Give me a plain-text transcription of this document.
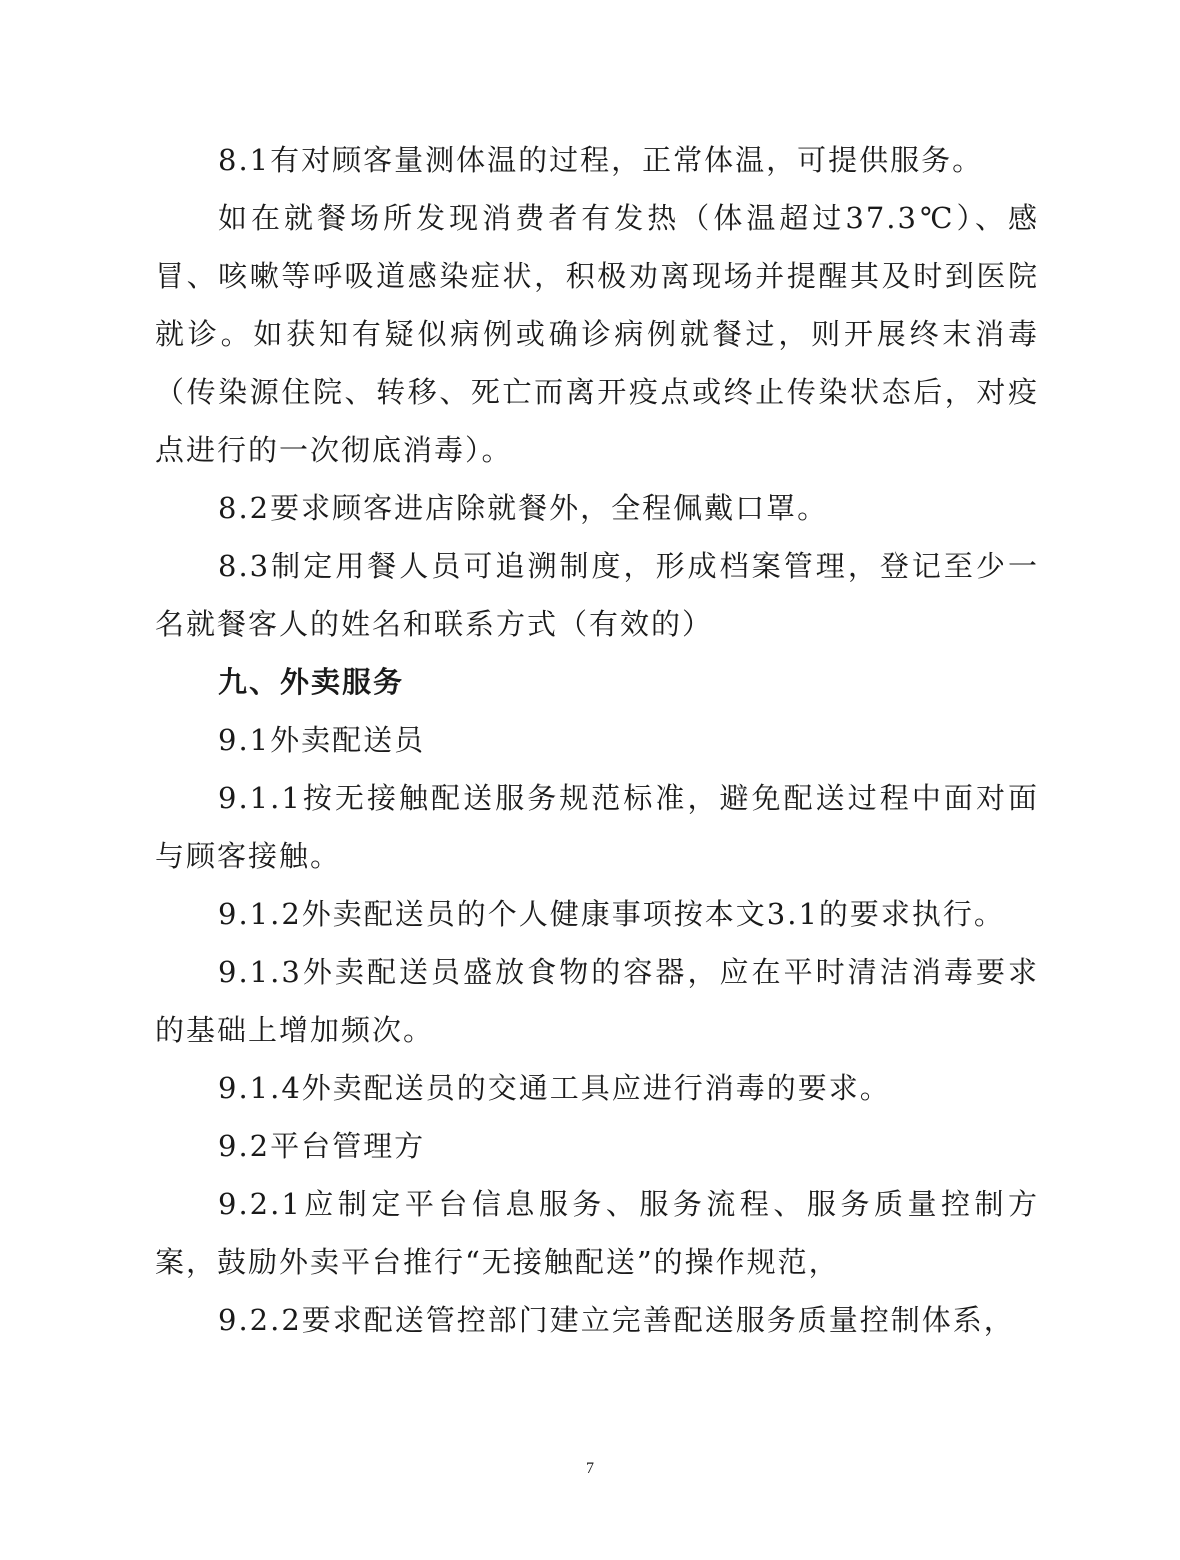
8.1有对顾客量测体温的过程，正常体温，可提供服务。

如在就餐场所发现消费者有发热（体温超过37.3℃）、感冒、咳嗽等呼吸道感染症状，积极劝离现场并提醒其及时到医院就诊。如获知有疑似病例或确诊病例就餐过，则开展终末消毒（传染源住院、转移、死亡而离开疫点或终止传染状态后，对疫点进行的一次彻底消毒）。

8.2要求顾客进店除就餐外，全程佩戴口罩。

8.3制定用餐人员可追溯制度，形成档案管理，登记至少一名就餐客人的姓名和联系方式（有效的）

九、外卖服务

9.1外卖配送员

9.1.1按无接触配送服务规范标准，避免配送过程中面对面与顾客接触。

9.1.2外卖配送员的个人健康事项按本文3.1的要求执行。

9.1.3外卖配送员盛放食物的容器，应在平时清洁消毒要求的基础上增加频次。

9.1.4外卖配送员的交通工具应进行消毒的要求。

9.2平台管理方

9.2.1应制定平台信息服务、服务流程、服务质量控制方案，鼓励外卖平台推行“无接触配送”的操作规范，

9.2.2要求配送管控部门建立完善配送服务质量控制体系，

7
